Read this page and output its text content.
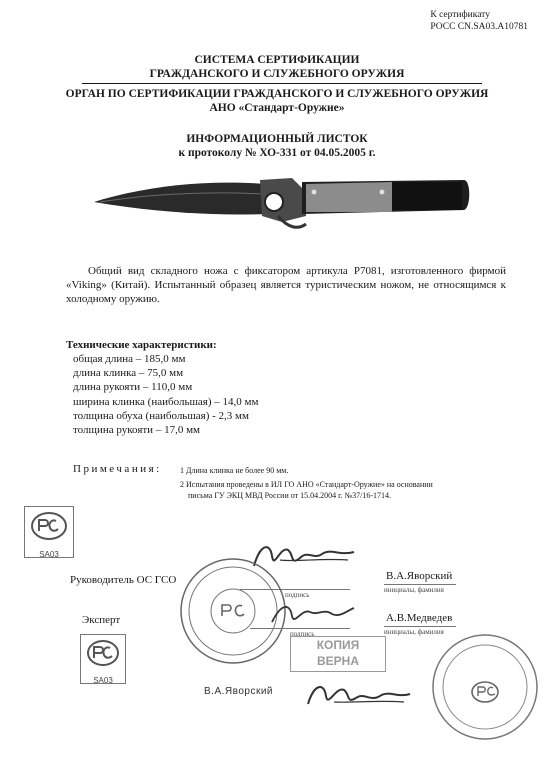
К сертификату
РОСС CN.SA03.A10781
СИСТЕМА СЕРТИФИКАЦИИ
ГРАЖДАНСКОГО И СЛУЖЕБНОГО ОРУЖИЯ
ОРГАН ПО СЕРТИФИКАЦИИ ГРАЖДАНСКОГО И СЛУЖЕБНОГО ОРУЖИЯ
АНО «Стандарт-Оружие»
ИНФОРМАЦИОННЫЙ ЛИСТОК
к протоколу № ХО-331 от 04.05.2005 г.
Общий вид складного ножа с фиксатором артикула P7081, изготовленного фирмой «Viking» (Китай). Испытанный образец является туристическим ножом, не относящимся к холодному оружию.
Технические характеристики:
общая длина – 185,0 мм
длина клинка – 75,0 мм
длина рукояти – 110,0 мм
ширина клинка (наибольшая) – 14,0 мм
толщина обуха (наибольшая) - 2,3 мм
толщина рукояти – 17,0 мм
Примечания: 1 Длина клинка не более 90 мм.
2 Испытания проведены в ИЛ ГО АНО «Стандарт-Оружие» на основании
письма ГУ ЭКЦ МВД России от 15.04.2004 г. №37/16-1714.
SA03
Руководитель ОС ГСО
подпись
В.А.Яворский
инициалы, фамилия
Эксперт
подпись
А.В.Медведев
инициалы, фамилия
SA03
КОПИЯ
ВЕРНА
В.А.Яворский
